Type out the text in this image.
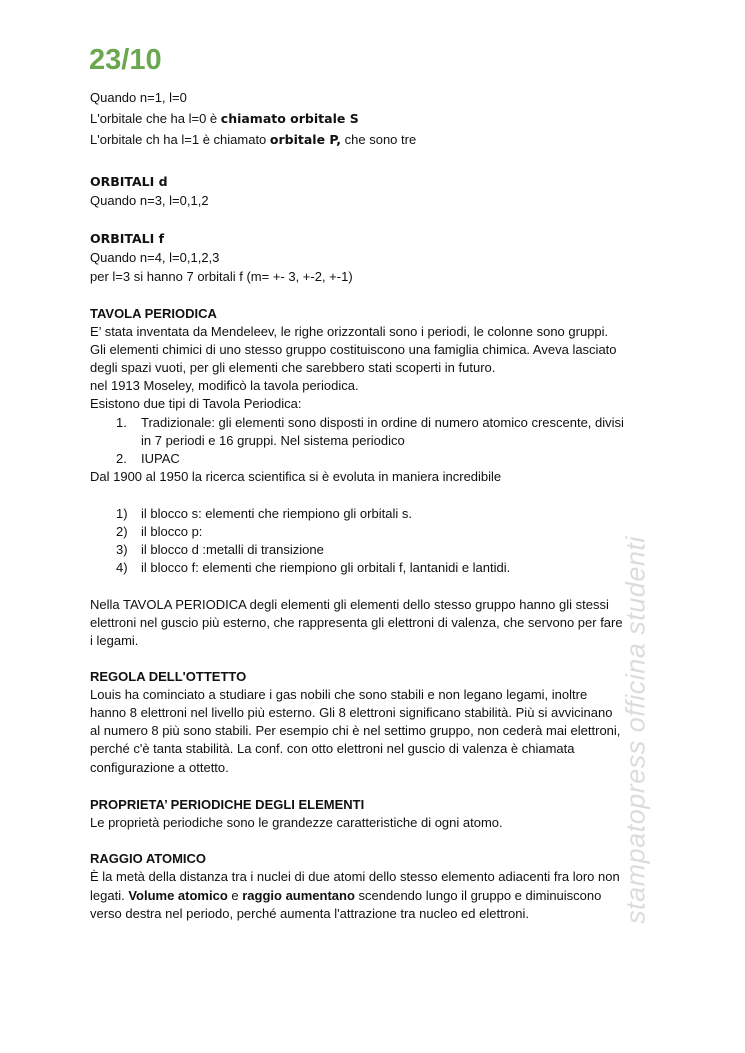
23/10
Quando n=1, l=0
L'orbitale che ha l=0 è chiamato orbitale S
L'orbitale ch ha l=1 è chiamato orbitale P, che sono tre
ORBITALI d
Quando n=3, l=0,1,2
ORBITALI f
Quando n=4, l=0,1,2,3
per l=3 si hanno 7 orbitali f (m= +- 3, +-2, +-1)
TAVOLA PERIODICA
E’ stata inventata da Mendeleev, le righe orizzontali sono i periodi, le colonne sono gruppi.
Gli elementi chimici di uno stesso gruppo costituiscono una famiglia chimica. Aveva lasciato
degli spazi vuoti, per gli elementi che sarebbero stati scoperti in futuro.
nel 1913 Moseley, modificò la tavola periodica.
Esistono due tipi di Tavola Periodica:
1. Tradizionale: gli elementi sono disposti in ordine di numero atomico crescente, divisi
in 7 periodi e 16 gruppi. Nel sistema periodico
2. IUPAC
Dal 1900 al 1950 la ricerca scientifica si è evoluta in maniera incredibile
1) il blocco s: elementi che riempiono gli orbitali s.
2) il blocco p:
3) il blocco d :metalli di transizione
4) il blocco f: elementi che riempiono gli orbitali f, lantanidi e lantidi.
Nella TAVOLA PERIODICA degli elementi gli elementi dello stesso gruppo hanno gli stessi
elettroni nel guscio più esterno, che rappresenta gli elettroni di valenza, che servono per fare
i legami.
REGOLA DELL'OTTETTO
Louis ha cominciato a studiare i gas nobili che sono stabili e non legano legami, inoltre
hanno 8 elettroni nel livello più esterno. Gli 8 elettroni significano stabilità. Più si avvicinano
al numero 8 più sono stabili. Per esempio chi è nel settimo gruppo, non cederà mai elettroni,
perché c'è tanta stabilità. La conf. con otto elettroni nel guscio di valenza è chiamata
configurazione a ottetto.
PROPRIETA’ PERIODICHE DEGLI ELEMENTI
Le proprietà periodiche sono le grandezze caratteristiche di ogni atomo.
RAGGIO ATOMICO
È la metà della distanza tra i nuclei di due atomi dello stesso elemento adiacenti fra loro non
legati. Volume atomico e raggio aumentano scendendo lungo il gruppo e diminuiscono
verso destra nel periodo, perché aumenta l'attrazione tra nucleo ed elettroni.	stampatopress officina studenti
